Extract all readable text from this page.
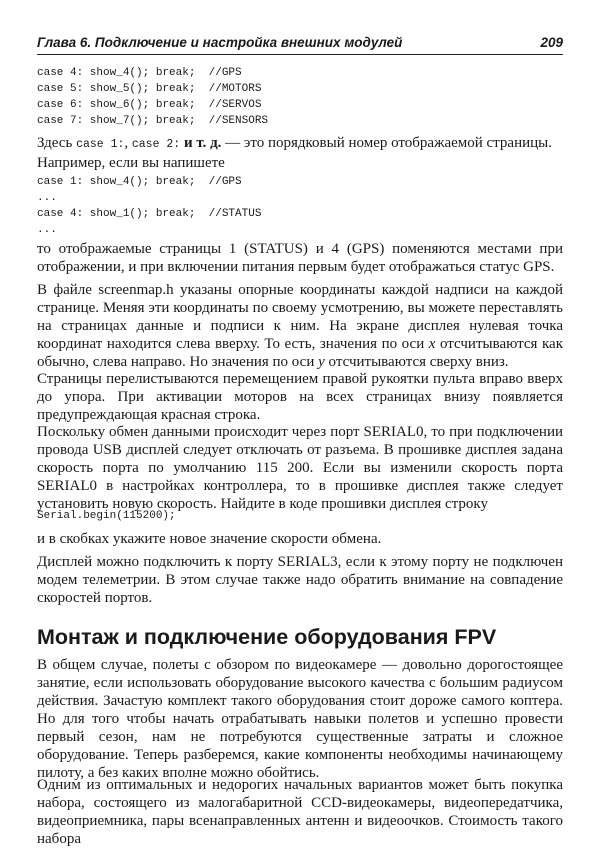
Глава 6. Подключение и настройка внешних модулей	209
case 4: show_4(); break;  //GPS
case 5: show_5(); break;  //MOTORS
case 6: show_6(); break;  //SERVOS
case 7: show_7(); break;  //SENSORS

Здесь case 1:, case 2: и т. д. — это порядковый номер отображаемой страницы.

Например, если вы напишете

case 1: show_4(); break;  //GPS
...
case 4: show_1(); break;  //STATUS
...

то отображаемые страницы 1 (STATUS) и 4 (GPS) поменяются местами при отображении, и при включении питания первым будет отображаться статус GPS.

В файле screenmap.h указаны опорные координаты каждой надписи на каждой странице. Меняя эти координаты по своему усмотрению, вы можете переставлять на страницах данные и подписи к ним. На экране дисплея нулевая точка координат находится слева вверху. То есть, значения по оси x отсчитываются как обычно, слева направо. Но значения по оси y отсчитываются сверху вниз.

Страницы перелистываются перемещением правой рукоятки пульта вправо вверх до упора. При активации моторов на всех страницах внизу появляется предупреждающая красная строка.

Поскольку обмен данными происходит через порт SERIAL0, то при подключении провода USB дисплей следует отключать от разъема. В прошивке дисплея задана скорость порта по умолчанию 115 200. Если вы изменили скорость порта SERIAL0 в настройках контроллера, то в прошивке дисплея также следует установить новую скорость. Найдите в коде прошивки дисплея строку

Serial.begin(115200);

и в скобках укажите новое значение скорости обмена.

Дисплей можно подключить к порту SERIAL3, если к этому порту не подключен модем телеметрии. В этом случае также надо обратить внимание на совпадение скоростей портов.

Монтаж и подключение оборудования FPV

В общем случае, полеты с обзором по видеокамере — довольно дорогостоящее занятие, если использовать оборудование высокого качества с большим радиусом действия. Зачастую комплект такого оборудования стоит дороже самого коптера. Но для того чтобы начать отрабатывать навыки полетов и успешно провести первый сезон, нам не потребуются существенные затраты и сложное оборудование. Теперь разберемся, какие компоненты необходимы начинающему пилоту, а без каких вполне можно обойтись.

Одним из оптимальных и недорогих начальных вариантов может быть покупка набора, состоящего из малогабаритной CCD-видеокамеры, видеопередатчика, видеоприемника, пары всенаправленных антенн и видеоочков. Стоимость такого набора
